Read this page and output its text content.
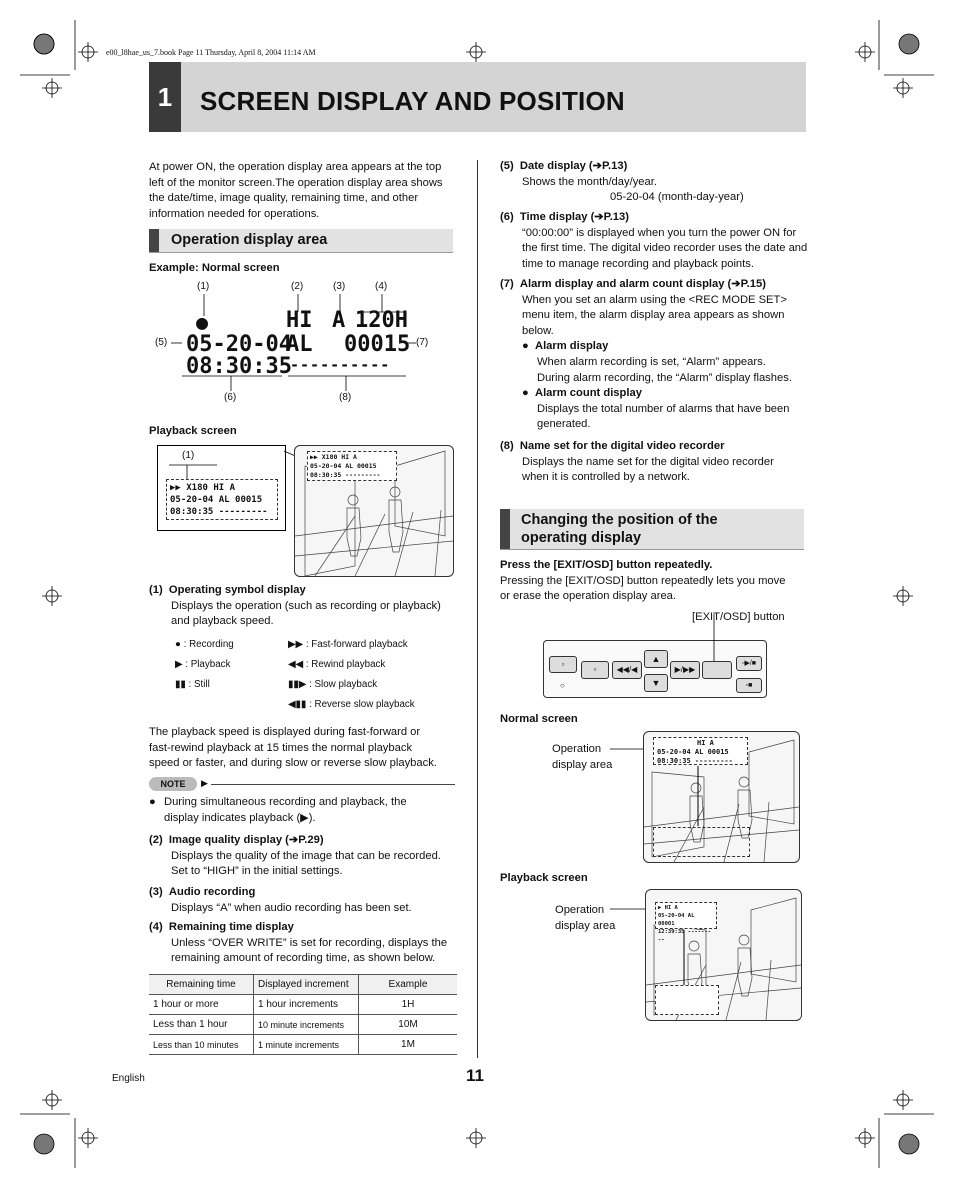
e00_l8hae_us_7.book Page 11 Thursday, April 8, 2004 11:14 AM
1	SCREEN DISPLAY AND POSITION
At power ON, the operation display area appears at the top
left of the monitor screen.The operation display area shows
the date/time, image quality, remaining time, and other
information needed for operations.
Operation display area
Example: Normal screen
(1)	(2)	(3)	(4)
(5)	(7)
(6)	(8)
●	HI A 120H
05-20-04
AL 00015
08:30:35
----------
Playback screen
(1)
▶▶ X180 HI A
05-20-04 AL 00015
08:30:35 ---------
▶▶ X180 HI A
05-20-04 AL 00015
08:30:35 ---------
(1) Operating symbol display
Displays the operation (such as recording or playback)
and playback speed.
● : Recording	▶▶ : Fast-forward playback
▶ : Playback	◀◀ : Rewind playback
▮▮ : Still	▮▮▶ : Slow playback
◀▮▮ : Reverse slow playback
The playback speed is displayed during fast-forward or
fast-rewind playback at 15 times the normal playback
speed or faster, and during slow or reverse slow playback.
NOTE	▶
● During simultaneous recording and playback, the
display indicates playback (▶).
(2) Image quality display (➔P.29)
Displays the quality of the image that can be recorded.
Set to “HIGH” in the initial settings.
(3) Audio recording
Displays “A” when audio recording has been set.
(4) Remaining time display
Unless “OVER WRITE” is set for recording, displays the
remaining amount of recording time, as shown below.
Remaining time	Displayed increment	Example
1 hour or more	1 hour increments	1H
Less than 1 hour	10 minute increments	10M
Less than 10 minutes	1 minute increments	1M
(5) Date display (➔P.13)
Shows the month/day/year.
05-20-04 (month-day-year)
(6) Time display (➔P.13)
“00:00:00” is displayed when you turn the power ON for
the first time. The digital video recorder uses the date and
time to manage recording and playback points.
(7) Alarm display and alarm count display (➔P.15)
When you set an alarm using the <REC MODE SET>
menu item, the alarm display area appears as shown
below.
● Alarm display
When alarm recording is set, “Alarm” appears.
During alarm recording, the “Alarm” display flashes.
● Alarm count display
Displays the total number of alarms that have been
generated.
(8) Name set for the digital video recorder
Displays the name set for the digital video recorder
when it is controlled by a network.
Changing the position of the
operating display
Press the [EXIT/OSD] button repeatedly.
Pressing the [EXIT/OSD] button repeatedly lets you move
or erase the operation display area.
[EXIT/OSD] button
▫
○
▫	◀◀/◀
▲
▼
▶/▶▶
▫▶/■
▫■
Normal screen
Operation
display area
HI A
05-20-04 AL 00015
08:30:35 ---------
Playback screen
Operation
display area
▶ HI A
05-20-04 AL 00001
12:39:35 ---------
English	11
